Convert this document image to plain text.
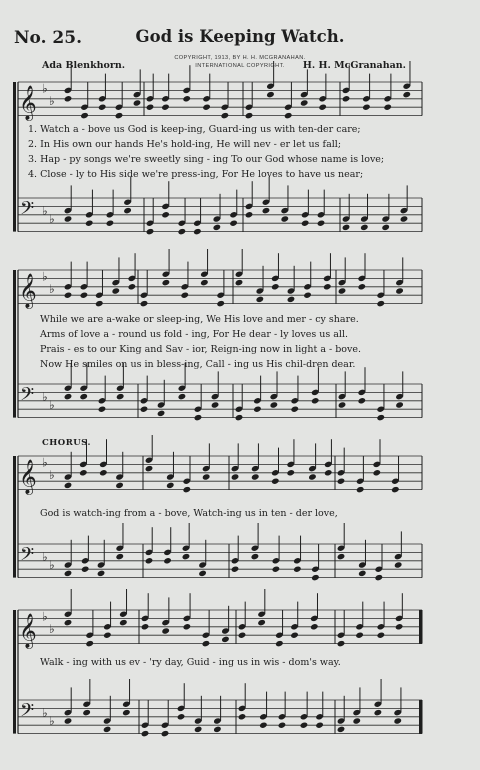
No. 25.	God is Keeping Watch.
COPYRIGHT, 1913, BY H. H. MCGRANAHAN.
INTERNATIONAL COPYRIGHT.
Ada Blenkhorn.	H. H. McGranahan.
1. Watch a - bove us God is keep-ing, Guard-ing us with ten-der care;
2. In His own our hands He's hold-ing, He will nev - er let us fall;
3. Hap - py songs we're sweetly sing - ing To our God whose name is love;
4. Close - ly to His side we're press-ing, For He loves to have us near;
While we are a-wake or sleep-ing, We His love and mer - cy share.
Arms of love a - round us fold - ing, For He dear - ly loves us all.
Prais - es to our King and Sav - ior, Reign-ing now in light a - bove.
Now He smiles on us in bless-ing, Call - ing us His chil-dren dear.
CHORUS.
God is watch-ing from a - bove, Watch-ing us in ten - der love,
Walk - ing with us ev - 'ry day, Guid - ing us in wis - dom's way.
𝄞 ♭
♭
𝄢 ♭
♭
𝄞 ♭
♭
𝄢 ♭
♭
𝄞 ♭
♭
𝄢 ♭
♭
𝄞 ♭
♭
𝄢 ♭
♭
